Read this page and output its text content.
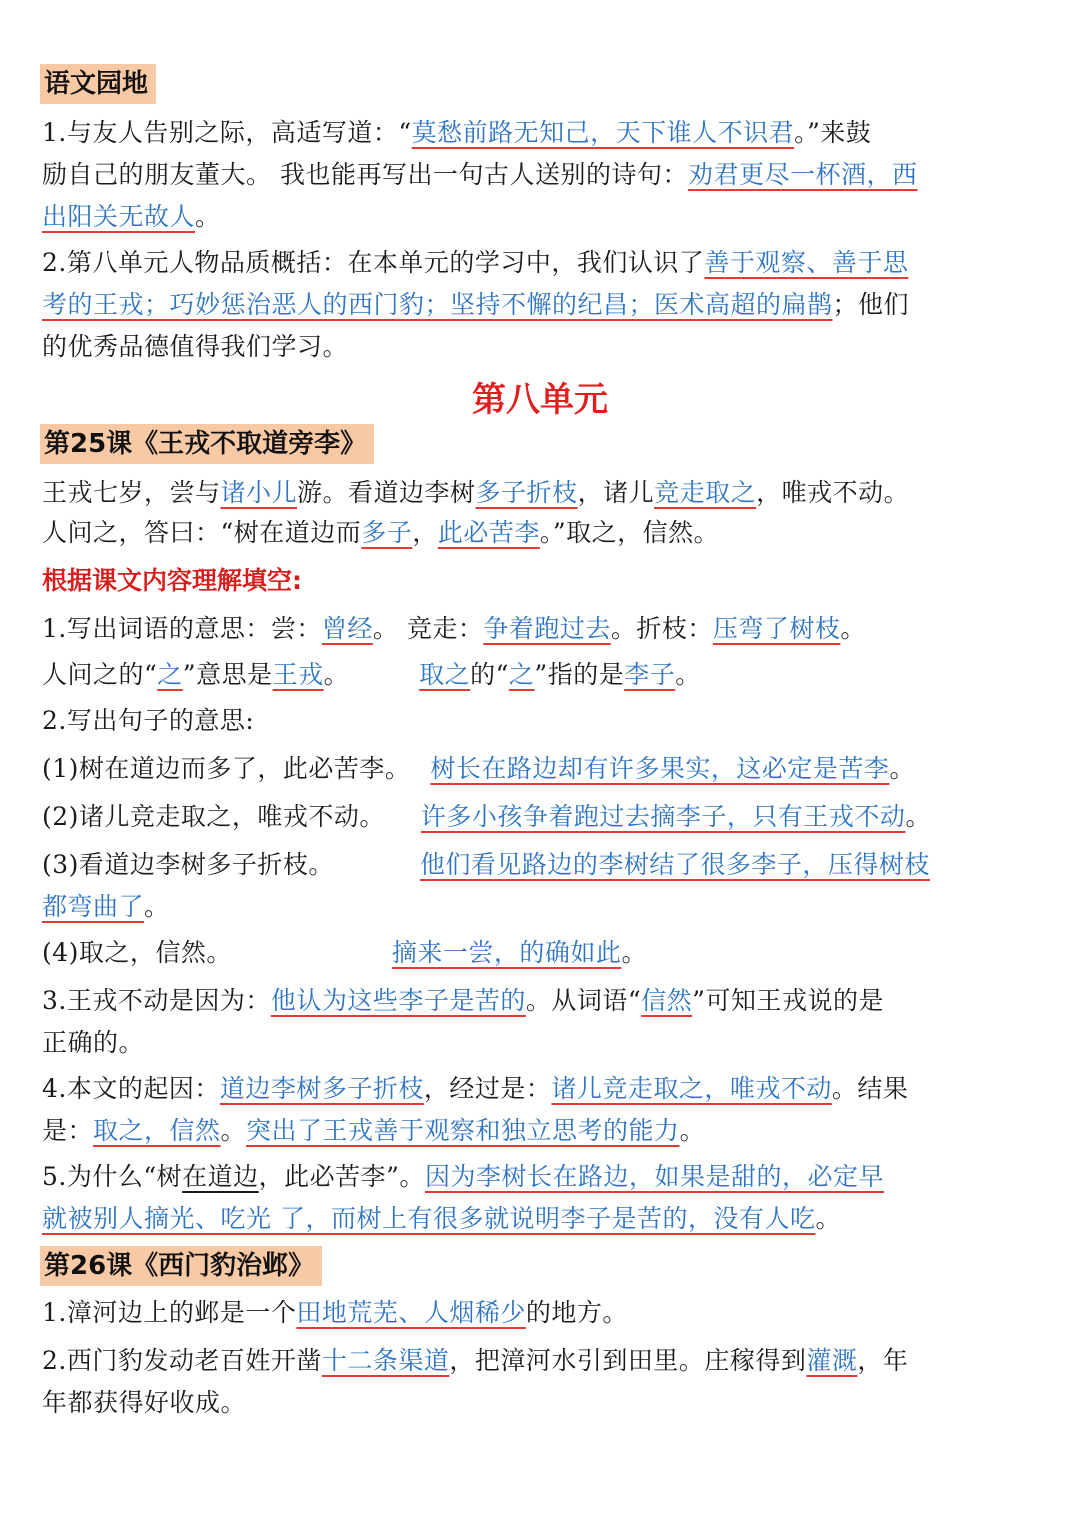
语文园地
1.与友人告别之际，高适写道：“莫愁前路无知己，天下谁人不识君。”来鼓
励自己的朋友董大。 我也能再写出一句古人送别的诗句：劝君更尽一杯酒，西
出阳关无故人。
2.第八单元人物品质概括：在本单元的学习中，我们认识了善于观察、善于思
考的王戎；巧妙惩治恶人的西门豹；坚持不懈的纪昌；医术高超的扁鹊；他们
的优秀品德值得我们学习。
第八单元
第25课《王戎不取道旁李》
王戎七岁，尝与诸小儿游。看道边李树多子折枝，诸儿竞走取之，唯戎不动。
人问之，答曰：“树在道边而多子，此必苦李。”取之，信然。
根据课文内容理解填空:
1.写出词语的意思：尝：曾经。 竞走：争着跑过去。折枝：压弯了树枝。
人问之的“之”意思是王戎。	取之的“之”指的是李子。
2.写出句子的意思:
(1)树在道边而多了，此必苦李。 树长在路边却有许多果实，这必定是苦李。
(2)诸儿竞走取之，唯戎不动。 许多小孩争着跑过去摘李子，只有王戎不动。
(3)看道边李树多子折枝。	他们看见路边的李树结了很多李子，压得树枝
都弯曲了。
(4)取之，信然。	摘来一尝，的确如此。
3.王戎不动是因为：他认为这些李子是苦的。从词语“信然”可知王戎说的是
正确的。
4.本文的起因：道边李树多子折枝，经过是：诸儿竞走取之，唯戎不动。结果
是：取之，信然。突出了王戎善于观察和独立思考的能力。
5.为什么“树在道边，此必苦李”。因为李树长在路边，如果是甜的，必定早
就被别人摘光、吃光 了，而树上有很多就说明李子是苦的，没有人吃。
第26课《西门豹治邺》
1.漳河边上的邺是一个田地荒芜、人烟稀少的地方。
2.西门豹发动老百姓开凿十二条渠道，把漳河水引到田里。庄稼得到灌溉，年
年都获得好收成。
